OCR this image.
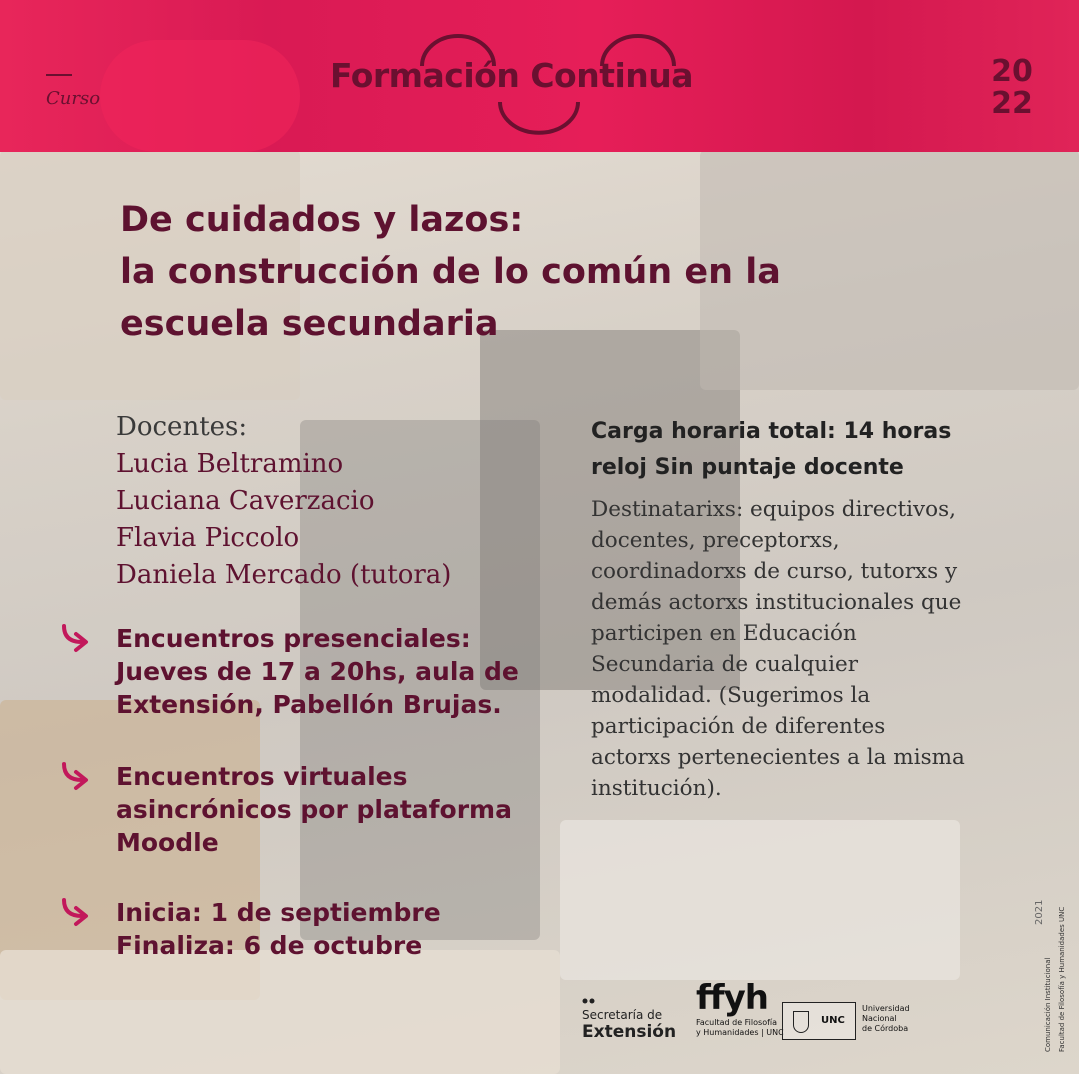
Curso
Formación Continua	20
22
De cuidados y lazos:
la construcción de lo común en la
escuela secundaria
Docentes:
Lucia Beltramino
Luciana Caverzacio
Flavia Piccolo
Daniela Mercado (tutora)
Encuentros presenciales:
Jueves de 17 a 20hs, aula de
Extensión, Pabellón Brujas.
Encuentros virtuales
asincrónicos por plataforma
Moodle
Inicia: 1 de septiembre
Finaliza: 6 de octubre
Carga horaria total: 14 horas
reloj Sin puntaje docente
Destinatarixs: equipos directivos,
docentes, preceptorxs,
coordinadorxs de curso, tutorxs y
demás actorxs institucionales que
participen en Educación
Secundaria de cualquier
modalidad. (Sugerimos la
participación de diferentes
actorxs pertenecientes a la misma
institución).
Secretaría de
Extensión
ffyh
Facultad de Filosofía
y Humanidades | UNC
UNC
Universidad
Nacional
de Córdoba
2021
Comunicación Institucional Facultad de Filosofía y Humanidades UNC
